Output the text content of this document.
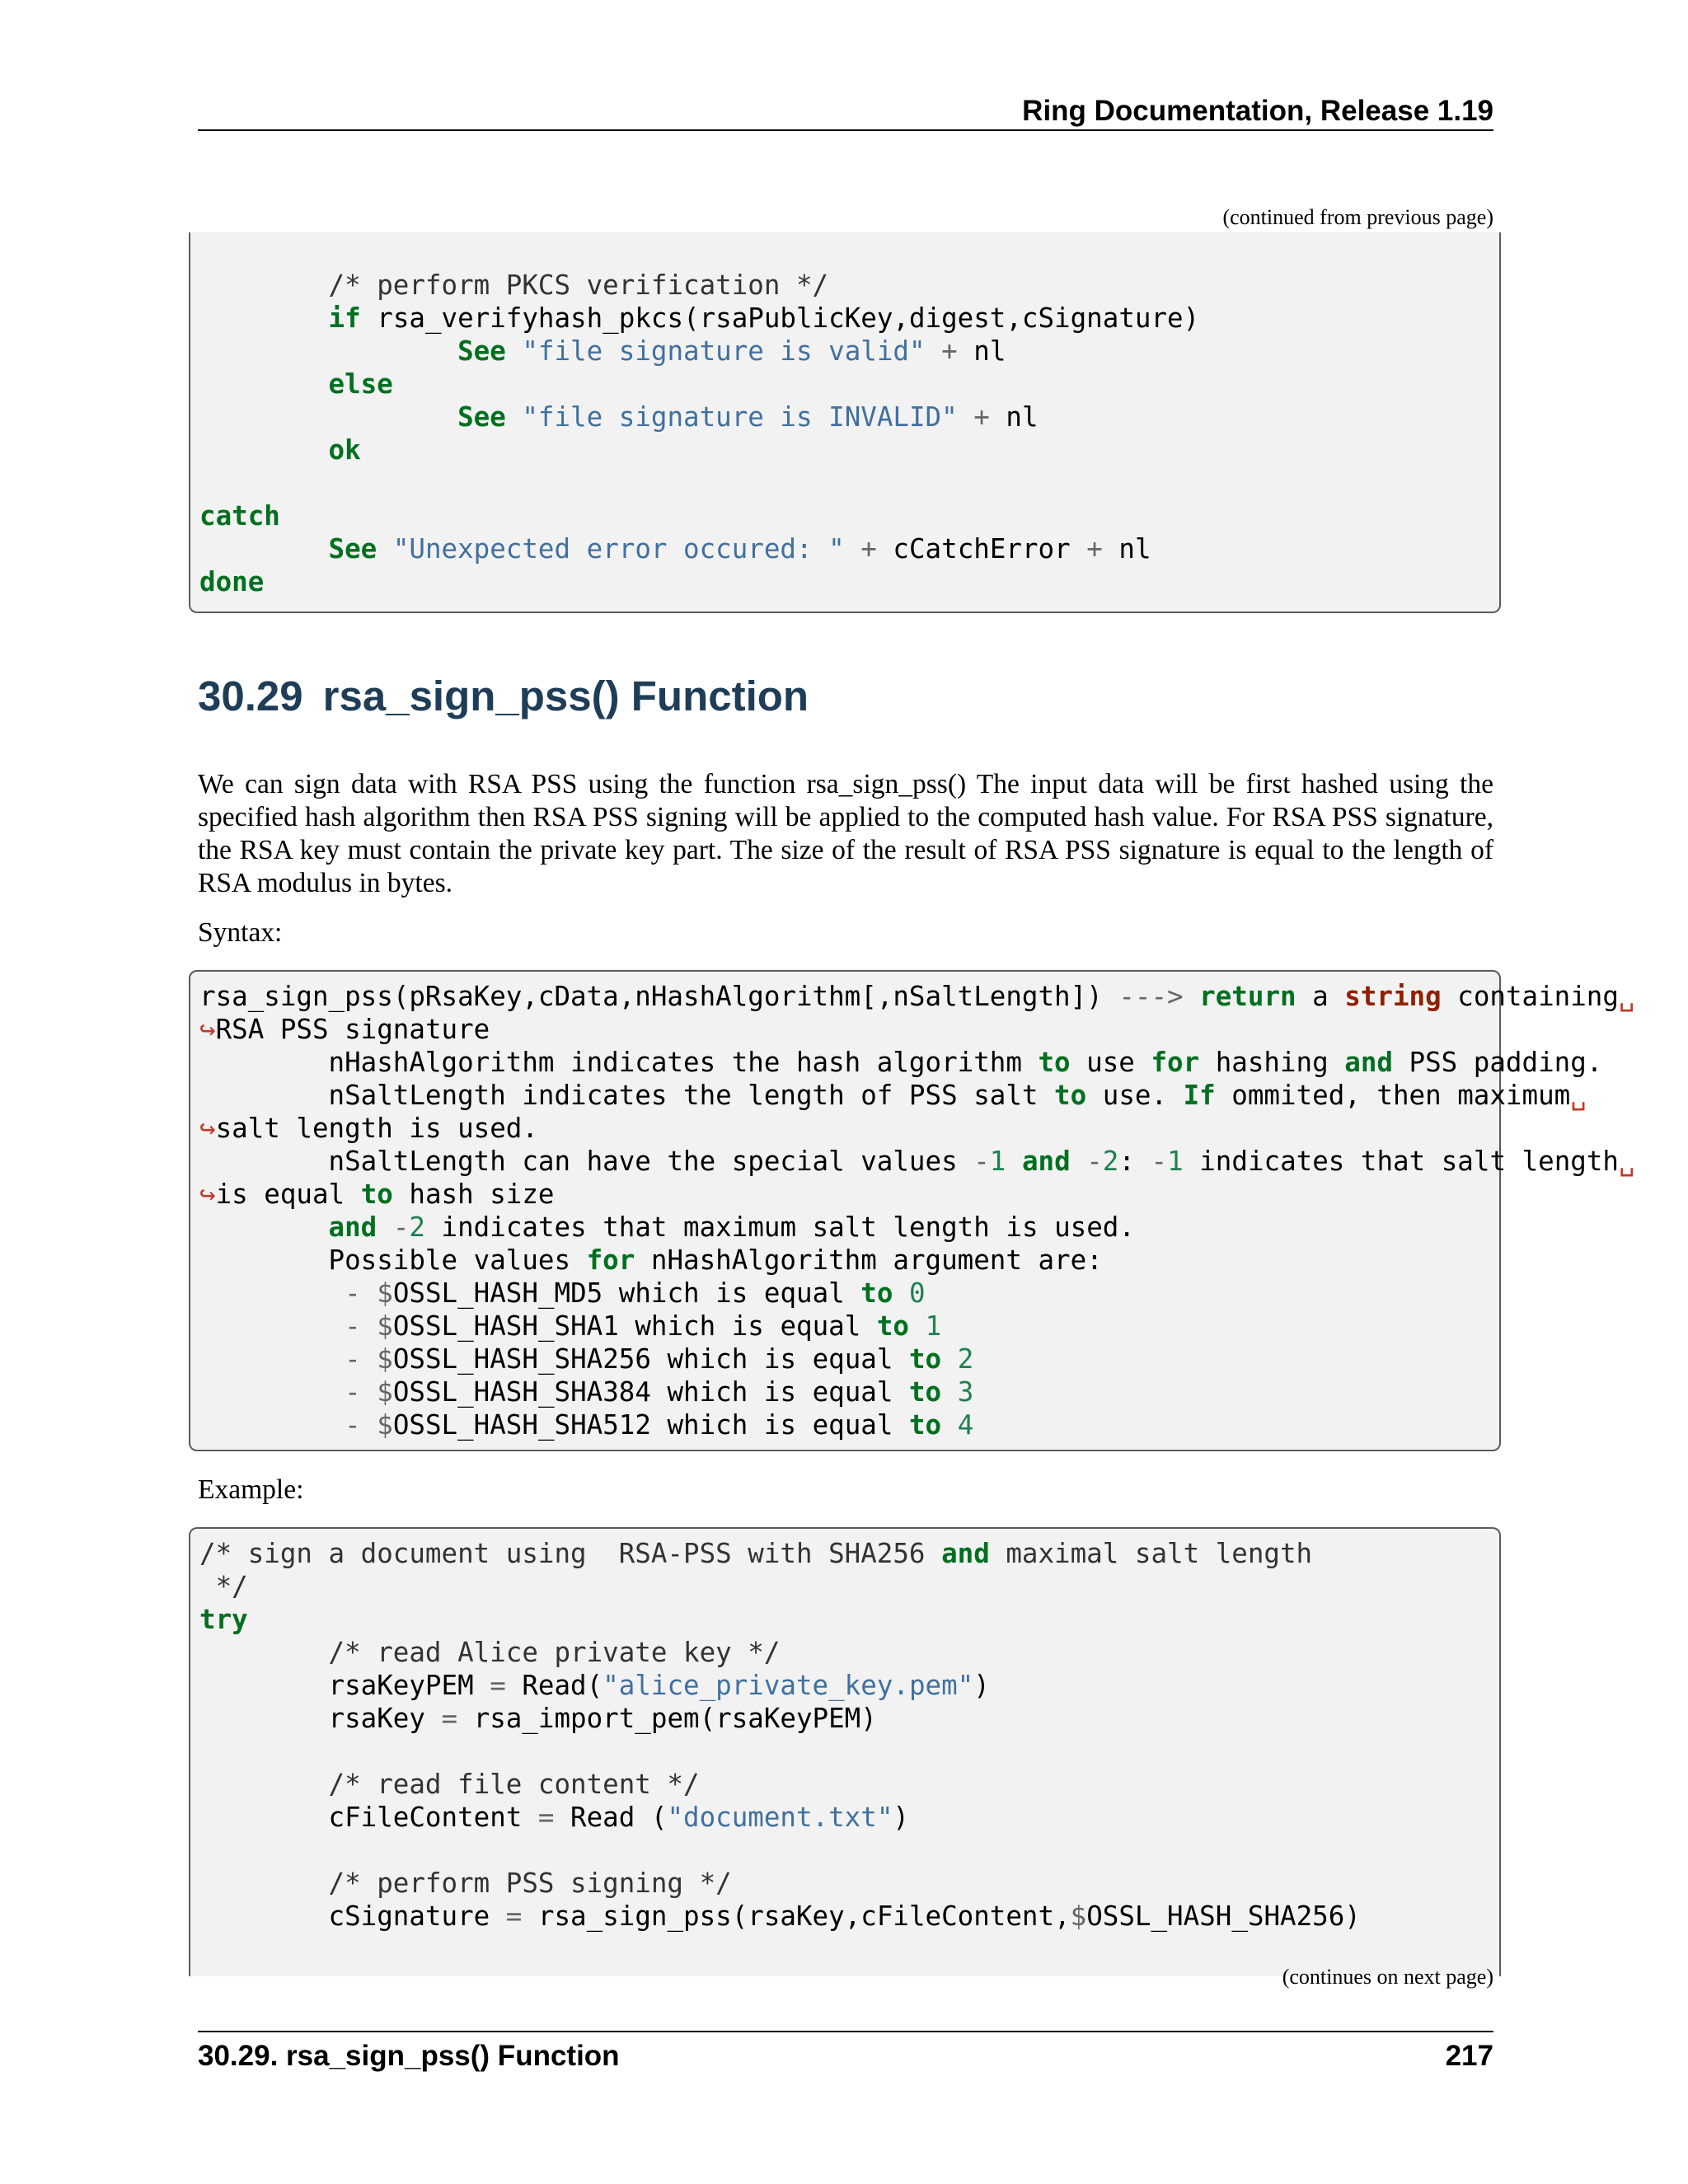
Ring Documentation, Release 1.19
(continued from previous page)
/* perform PKCS verification */
if rsa_verifyhash_pkcs(rsaPublicKey,digest,cSignature)
See "file signature is valid" + nl
else
See "file signature is INVALID" + nl
ok

catch
See "Unexpected error occured: " + cCatchError + nl
done
30.29 rsa_sign_pss() Function

We can sign data with RSA PSS using the function rsa_sign_pss() The input data will be first hashed using the specified hash algorithm then RSA PSS signing will be applied to the computed hash value. For RSA PSS signature, the RSA key must contain the private key part. The size of the result of RSA PSS signature is equal to the length of RSA modulus in bytes.

Syntax:

rsa_sign_pss(pRsaKey,cData,nHashAlgorithm[,nSaltLength]) ---> return a string containing␣
↪RSA PSS signature
nHashAlgorithm indicates the hash algorithm to use for hashing and PSS padding.
nSaltLength indicates the length of PSS salt to use. If ommited, then maximum␣
↪salt length is used.
nSaltLength can have the special values -1 and -2: -1 indicates that salt length␣
↪is equal to hash size
and -2 indicates that maximum salt length is used.
Possible values for nHashAlgorithm argument are:
- $OSSL_HASH_MD5 which is equal to 0
- $OSSL_HASH_SHA1 which is equal to 1
- $OSSL_HASH_SHA256 which is equal to 2
- $OSSL_HASH_SHA384 which is equal to 3
- $OSSL_HASH_SHA512 which is equal to 4

Example:

/* sign a document using  RSA-PSS with SHA256 and maximal salt length
*/
try
/* read Alice private key */
rsaKeyPEM = Read("alice_private_key.pem")
rsaKey = rsa_import_pem(rsaKeyPEM)

/* read file content */
cFileContent = Read ("document.txt")

/* perform PSS signing */
cSignature = rsa_sign_pss(rsaKey,cFileContent,$OSSL_HASH_SHA256)
(continues on next page)
30.29. rsa_sign_pss() Function	217
